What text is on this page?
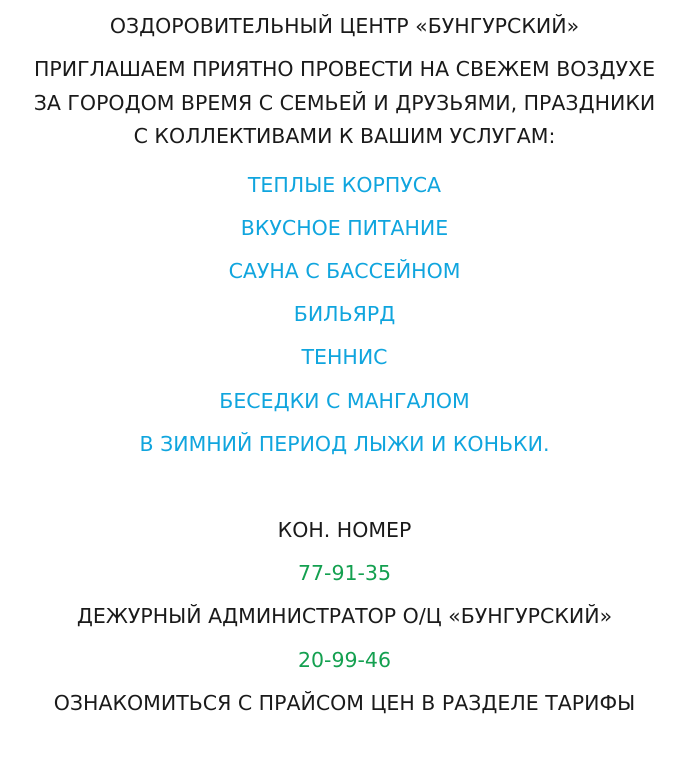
ОЗДОРОВИТЕЛЬНЫЙ ЦЕНТР «БУНГУРСКИЙ»
ПРИГЛАШАЕМ ПРИЯТНО ПРОВЕСТИ НА СВЕЖЕМ ВОЗДУХЕ ЗА ГОРОДОМ ВРЕМЯ С СЕМЬЕЙ И ДРУЗЬЯМИ, ПРАЗДНИКИ С КОЛЛЕКТИВАМИ К ВАШИМ УСЛУГАМ:
ТЕПЛЫЕ КОРПУСА
ВКУСНОЕ ПИТАНИЕ
САУНА С БАССЕЙНОМ
БИЛЬЯРД
ТЕННИС
БЕСЕДКИ С МАНГАЛОМ
В ЗИМНИЙ ПЕРИОД ЛЫЖИ И КОНЬКИ.
КОН. НОМЕР
77-91-35
ДЕЖУРНЫЙ АДМИНИСТРАТОР О/Ц «БУНГУРСКИЙ»
20-99-46
ОЗНАКОМИТЬСЯ С ПРАЙСОМ ЦЕН В РАЗДЕЛЕ ТАРИФЫ
